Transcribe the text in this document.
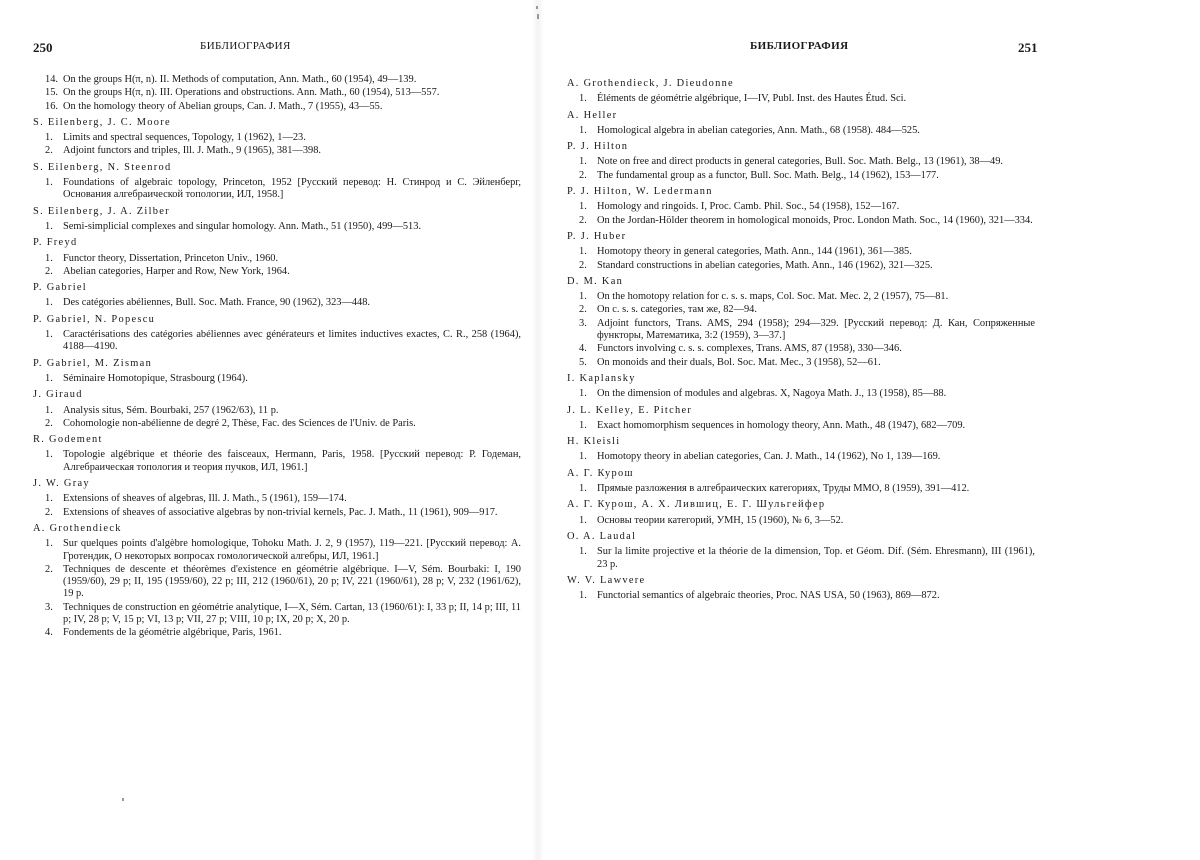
250	БИБЛИОГРАФИЯ
14. On the groups H(π, n). II. Methods of computation, Ann. Math., 60 (1954), 49—139.
15. On the groups H(π, n). III. Operations and obstructions. Ann. Math., 60 (1954), 513—557.
16. On the homology theory of Abelian groups, Can. J. Math., 7 (1955), 43—55.
S. Eilenberg, J. C. Moore
1. Limits and spectral sequences, Topology, 1 (1962), 1—23.
2. Adjoint functors and triples, Ill. J. Math., 9 (1965), 381—398.
S. Eilenberg, N. Steenrod
1. Foundations of algebraic topology, Princeton, 1952 [Русский перевод: Н. Стинрод и С. Эйленберг, Основания алгебраической топологии, ИЛ, 1958.]
S. Eilenberg, J. A. Zilber
1. Semi-simplicial complexes and singular homology. Ann. Math., 51 (1950), 499—513.
P. Freyd
1. Functor theory, Dissertation, Princeton Univ., 1960.
2. Abelian categories, Harper and Row, New York, 1964.
P. Gabriel
1. Des catégories abéliennes, Bull. Soc. Math. France, 90 (1962), 323—448.
P. Gabriel, N. Popescu
1. Caractérisations des catégories abéliennes avec générateurs et limites inductives exactes, C. R., 258 (1964), 4188—4190.
P. Gabriel, M. Zisman
1. Séminaire Homotopique, Strasbourg (1964).
J. Giraud
1. Analysis situs, Sém. Bourbaki, 257 (1962/63), 11 p.
2. Cohomologie non-abélienne de degré 2, Thèse, Fac. des Sciences de l'Univ. de Paris.
R. Godement
1. Topologie algébrique et théorie des faisceaux, Hermann, Paris, 1958. [Русский перевод: Р. Годеман, Алгебраическая топология и теория пучков, ИЛ, 1961.]
J. W. Gray
1. Extensions of sheaves of algebras, Ill. J. Math., 5 (1961), 159—174.
2. Extensions of sheaves of associative algebras by non-trivial kernels, Pac. J. Math., 11 (1961), 909—917.
A. Grothendieck
1. Sur quelques points d'algèbre homologique, Tohoku Math. J. 2, 9 (1957), 119—221. [Русский перевод: А. Гротендик, О некоторых вопросах гомологической алгебры, ИЛ, 1961.]
2. Techniques de descente et théorèmes d'existence en géométrie algébrique. I—V, Sém. Bourbaki: I, 190 (1959/60), 29 p; II, 195 (1959/60), 22 p; III, 212 (1960/61), 20 p; IV, 221 (1960/61), 28 p; V, 232 (1961/62), 19 p.
3. Techniques de construction en géométrie analytique, I—X, Sém. Cartan, 13 (1960/61): I, 33 p; II, 14 p; III, 11 p; IV, 28 p; V, 15 p; VI, 13 p; VII, 27 p; VIII, 10 p; IX, 20 p; X, 20 p.
4. Fondements de la géométrie algébrique, Paris, 1961.
БИБЛИОГРАФИЯ	251
A. Grothendieck, J. Dieudonne
1. Éléments de géométrie algébrique, I—IV, Publ. Inst. des Hautes Étud. Sci.
A. Heller
1. Homological algebra in abelian categories, Ann. Math., 68 (1958). 484—525.
P. J. Hilton
1. Note on free and direct products in general categories, Bull. Soc. Math. Belg., 13 (1961), 38—49.
2. The fundamental group as a functor, Bull. Soc. Math. Belg., 14 (1962), 153—177.
P. J. Hilton, W. Ledermann
1. Homology and ringoids. I, Proc. Camb. Phil. Soc., 54 (1958), 152—167.
2. On the Jordan-Hölder theorem in homological monoids, Proc. London Math. Soc., 14 (1960), 321—334.
P. J. Huber
1. Homotopy theory in general categories, Math. Ann., 144 (1961), 361—385.
2. Standard constructions in abelian categories, Math. Ann., 146 (1962), 321—325.
D. M. Kan
1. On the homotopy relation for c. s. s. maps, Col. Soc. Mat. Mec. 2, 2 (1957), 75—81.
2. On c. s. s. categories, там же, 82—94.
3. Adjoint functors, Trans. AMS, 294 (1958); 294—329. [Русский перевод: Д. Кан, Сопряженные функторы, Математика, 3:2 (1959), 3—37.]
4. Functors involving c. s. s. complexes, Trans. AMS, 87 (1958), 330—346.
5. On monoids and their duals, Bol. Soc. Mat. Mec., 3 (1958), 52—61.
I. Kaplansky
1. On the dimension of modules and algebras. X, Nagoya Math. J., 13 (1958), 85—88.
J. L. Kelley, E. Pitcher
1. Exact homomorphism sequences in homology theory, Ann. Math., 48 (1947), 682—709.
H. Kleisli
1. Homotopy theory in abelian categories, Can. J. Math., 14 (1962), No 1, 139—169.
А. Г. Курош
1. Прямые разложения в алгебраических категориях, Труды ММО, 8 (1959), 391—412.
А. Г. Курош, А. Х. Лившиц, Е. Г. Шульгейфер
1. Основы теории категорий, УМН, 15 (1960), № 6, 3—52.
O. A. Laudal
1. Sur la limite projective et la théorie de la dimension, Top. et Géom. Dif. (Sém. Ehresmann), III (1961), 23 p.
W. V. Lawvere
1. Functorial semantics of algebraic theories, Proc. NAS USA, 50 (1963), 869—872.
